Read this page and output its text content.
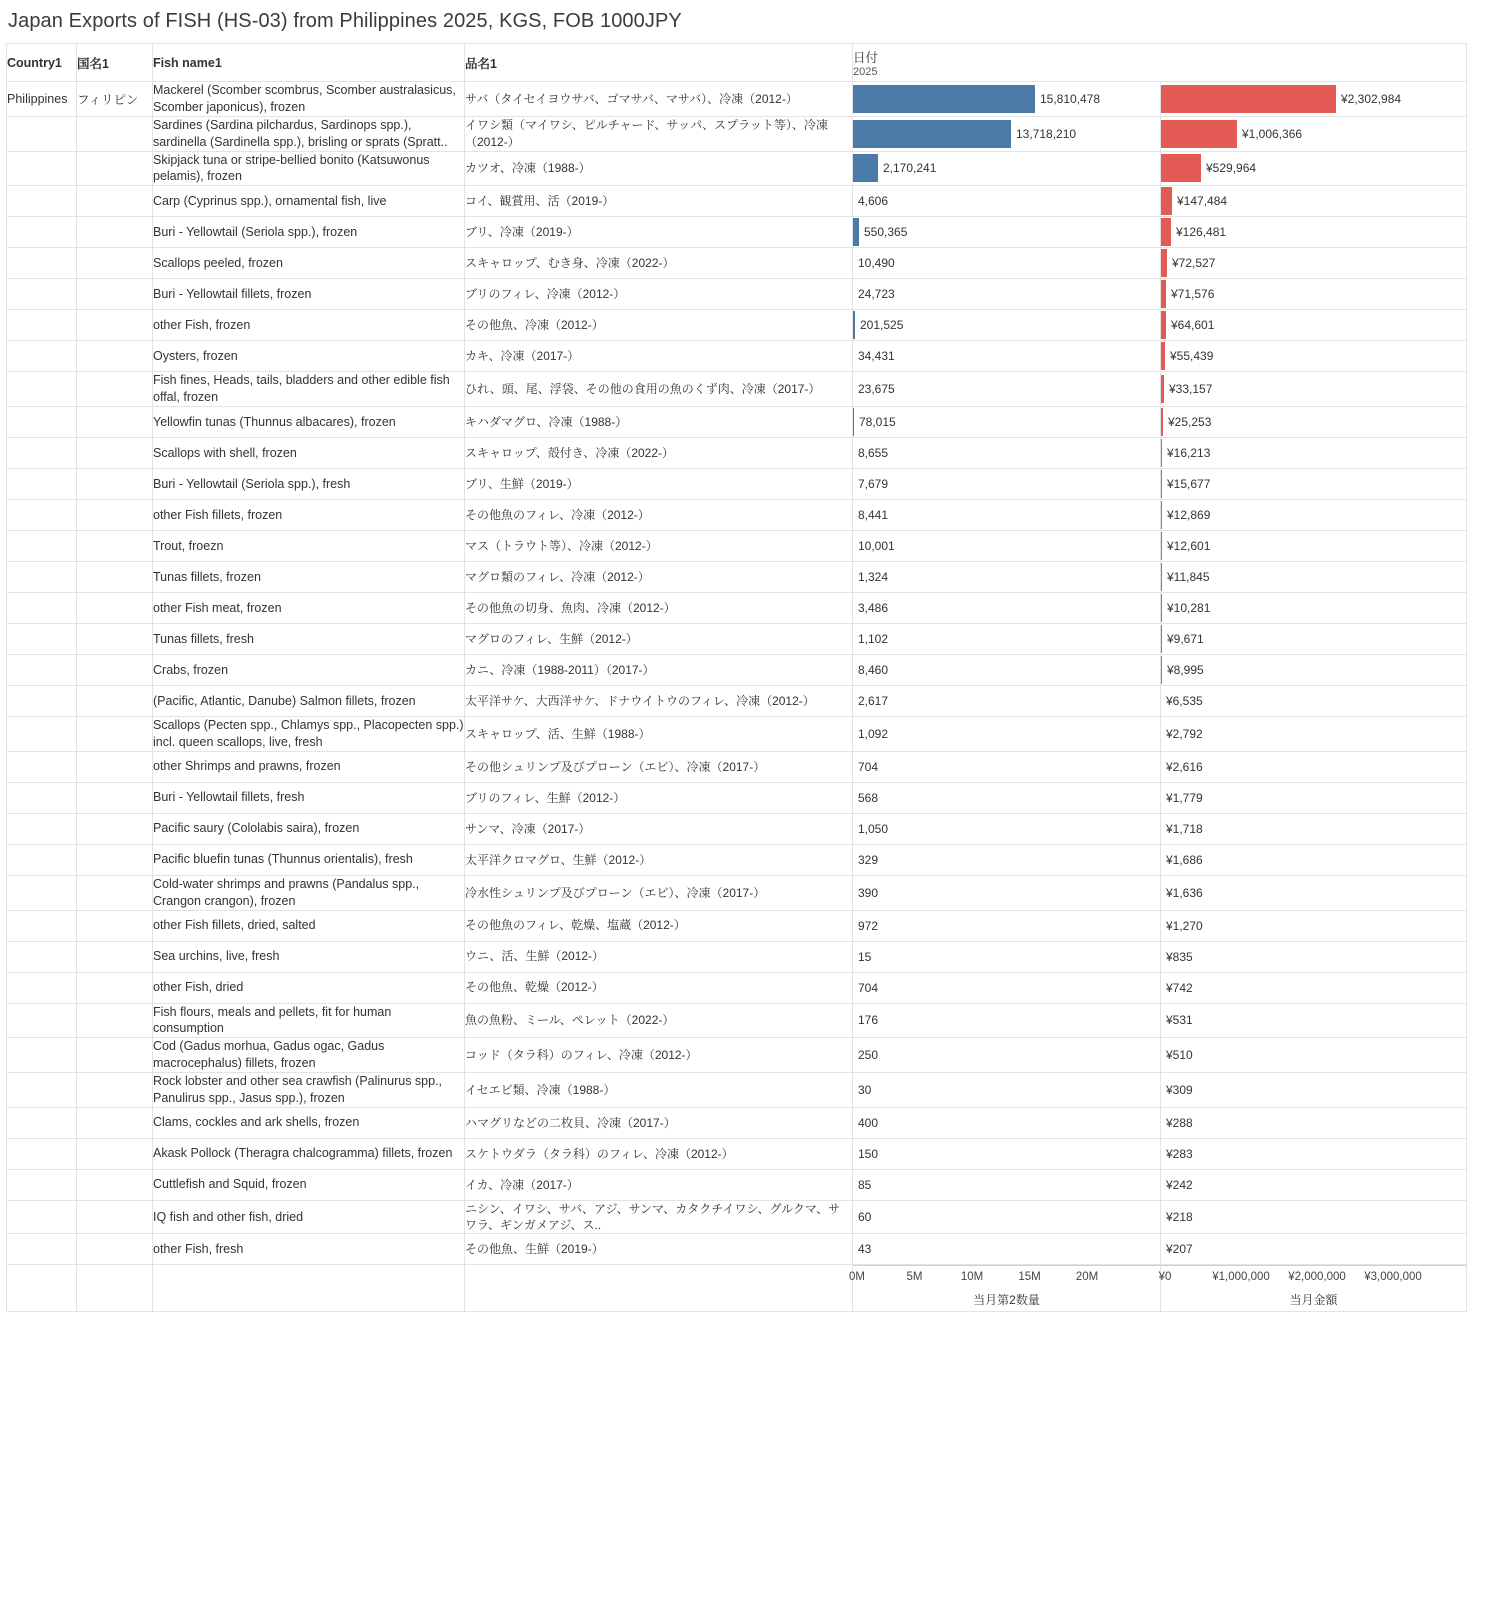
Japan Exports of FISH (HS-03) from Philippines 2025, KGS, FOB 1000JPY
Country1	国名1	Fish name1	品名1	日付
2025	

Philippines	フィリピン	Mackerel (Scomber scombrus, Scomber australasicus, Scomber japonicus), frozen	サバ（タイセイヨウサバ、ゴマサバ、マサバ）、冷凍（2012-）	15,810,478	¥2,302,984

		Sardines (Sardina pilchardus, Sardinops spp.), sardinella (Sardinella spp.), brisling or sprats (Spratt..	イワシ類（マイワシ、ピルチャード、サッパ、スプラット等）、冷凍（2012-）	13,718,210	¥1,006,366

		Skipjack tuna or stripe-bellied bonito (Katsuwonus pelamis), frozen	カツオ、冷凍（1988-）	2,170,241	¥529,964

		Carp (Cyprinus spp.), ornamental fish, live	コイ、観賞用、活（2019-）	4,606	¥147,484

		Buri - Yellowtail (Seriola spp.), frozen	ブリ、冷凍（2019-）	550,365	¥126,481

		Scallops peeled, frozen	スキャロップ、むき身、冷凍（2022-）	10,490	¥72,527

		Buri - Yellowtail fillets, frozen	ブリのフィレ、冷凍（2012-）	24,723	¥71,576

		other Fish, frozen	その他魚、冷凍（2012-）	201,525	¥64,601

		Oysters, frozen	カキ、冷凍（2017-）	34,431	¥55,439

		Fish fines, Heads, tails, bladders and other edible fish offal, frozen	ひれ、頭、尾、浮袋、その他の食用の魚のくず肉、冷凍（2017-）	23,675	¥33,157

		Yellowfin tunas (Thunnus albacares), frozen	キハダマグロ、冷凍（1988-）	78,015	¥25,253

		Scallops with shell, frozen	スキャロップ、殻付き、冷凍（2022-）	8,655	¥16,213

		Buri - Yellowtail (Seriola spp.), fresh	ブリ、生鮮（2019-）	7,679	¥15,677

		other Fish fillets, frozen	その他魚のフィレ、冷凍（2012-）	8,441	¥12,869

		Trout, froezn	マス（トラウト等）、冷凍（2012-）	10,001	¥12,601

		Tunas fillets, frozen	マグロ類のフィレ、冷凍（2012-）	1,324	¥11,845

		other Fish meat, frozen	その他魚の切身、魚肉、冷凍（2012-）	3,486	¥10,281

		Tunas fillets, fresh	マグロのフィレ、生鮮（2012-）	1,102	¥9,671

		Crabs, frozen	カニ、冷凍（1988-2011）（2017-）	8,460	¥8,995

		(Pacific, Atlantic, Danube) Salmon fillets, frozen	太平洋サケ、大西洋サケ、ドナウイトウのフィレ、冷凍（2012-）	2,617	¥6,535

		Scallops (Pecten spp., Chlamys spp., Placopecten spp.) incl. queen scallops, live, fresh	スキャロップ、活、生鮮（1988-）	1,092	¥2,792

		other Shrimps and prawns, frozen	その他シュリンプ及びプローン（エビ）、冷凍（2017-）	704	¥2,616

		Buri - Yellowtail fillets, fresh	ブリのフィレ、生鮮（2012-）	568	¥1,779

		Pacific saury (Cololabis saira), frozen	サンマ、冷凍（2017-）	1,050	¥1,718

		Pacific bluefin tunas (Thunnus orientalis), fresh	太平洋クロマグロ、生鮮（2012-）	329	¥1,686

		Cold-water shrimps and prawns (Pandalus spp., Crangon crangon), frozen	冷水性シュリンプ及びプローン（エビ）、冷凍（2017-）	390	¥1,636

		other Fish fillets, dried, salted	その他魚のフィレ、乾燥、塩蔵（2012-）	972	¥1,270

		Sea urchins, live, fresh	ウニ、活、生鮮（2012-）	15	¥835

		other Fish, dried	その他魚、乾燥（2012-）	704	¥742

		Fish flours, meals and pellets, fit for human consumption	魚の魚粉、ミール、ペレット（2022-）	176	¥531

		Cod (Gadus morhua, Gadus ogac, Gadus macrocephalus) fillets, frozen	コッド（タラ科）のフィレ、冷凍（2012-）	250	¥510

		Rock lobster and other sea crawfish (Palinurus spp., Panulirus spp., Jasus spp.), frozen	イセエビ類、冷凍（1988-）	30	¥309

		Clams, cockles and ark shells, frozen	ハマグリなどの二枚貝、冷凍（2017-）	400	¥288

		Akask Pollock (Theragra chalcogramma) fillets, frozen	スケトウダラ（タラ科）のフィレ、冷凍（2012-）	150	¥283

		Cuttlefish and Squid, frozen	イカ、冷凍（2017-）	85	¥242

		IQ fish and other fish, dried	ニシン、イワシ、サバ、アジ、サンマ、カタクチイワシ、グルクマ、サワラ、ギンガメアジ、ス..	60	¥218

		other Fish, fresh	その他魚、生鮮（2019-）	43	¥207

0M	5M	10M	15M	20M
当月第2数量

¥0	¥1,000,000 ¥2,000,000 ¥3,000,000
当月金額
